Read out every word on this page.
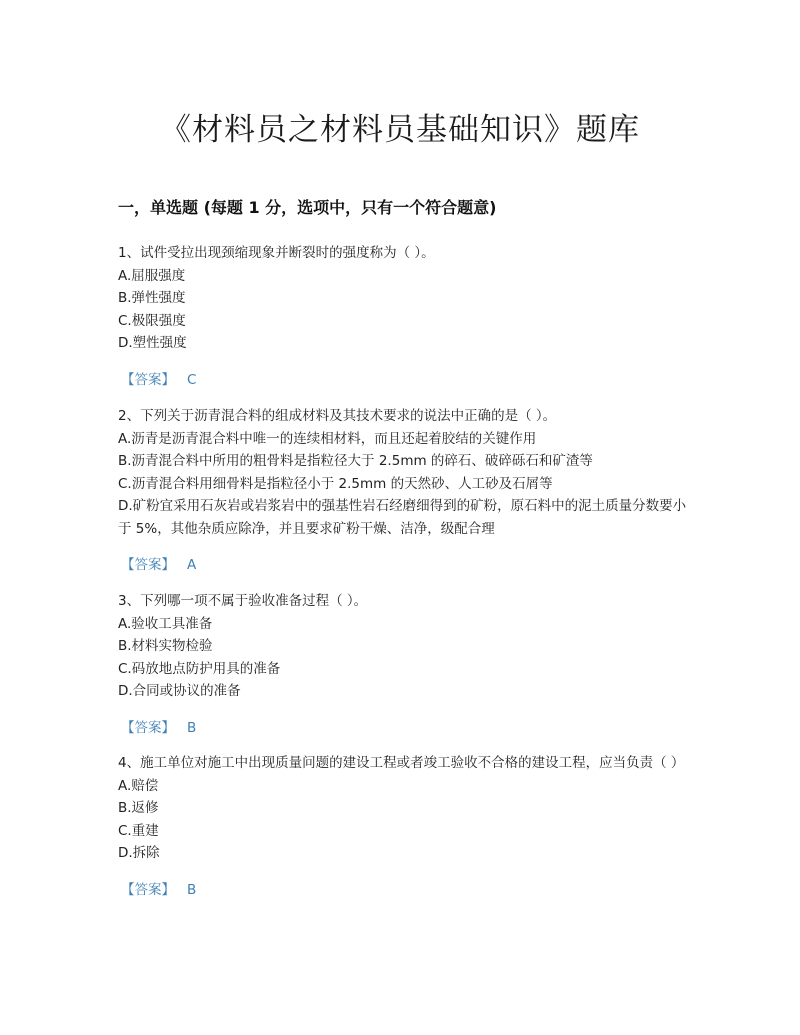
《材料员之材料员基础知识》题库
一，单选题 (每题 1 分，选项中，只有一个符合题意)

1、试件受拉出现颈缩现象并断裂时的强度称为（ ）。

A.屈服强度

B.弹性强度

C.极限强度

D.塑性强度

【答案】 C

2、下列关于沥青混合料的组成材料及其技术要求的说法中正确的是（ ）。

A.沥青是沥青混合料中唯一的连续相材料，而且还起着胶结的关键作用

B.沥青混合料中所用的粗骨料是指粒径大于 2.5mm 的碎石、破碎砾石和矿渣等

C.沥青混合料用细骨料是指粒径小于 2.5mm 的天然砂、人工砂及石屑等

D.矿粉宜采用石灰岩或岩浆岩中的强基性岩石经磨细得到的矿粉，原石料中的泥土质量分数要小于 5%，其他杂质应除净，并且要求矿粉干燥、洁净，级配合理

【答案】 A

3、下列哪一项不属于验收准备过程（ ）。

A.验收工具准备

B.材料实物检验

C.码放地点防护用具的准备

D.合同或协议的准备

【答案】 B

4、施工单位对施工中出现质量问题的建设工程或者竣工验收不合格的建设工程，应当负责（ ）

A.赔偿

B.返修

C.重建

D.拆除

【答案】 B
